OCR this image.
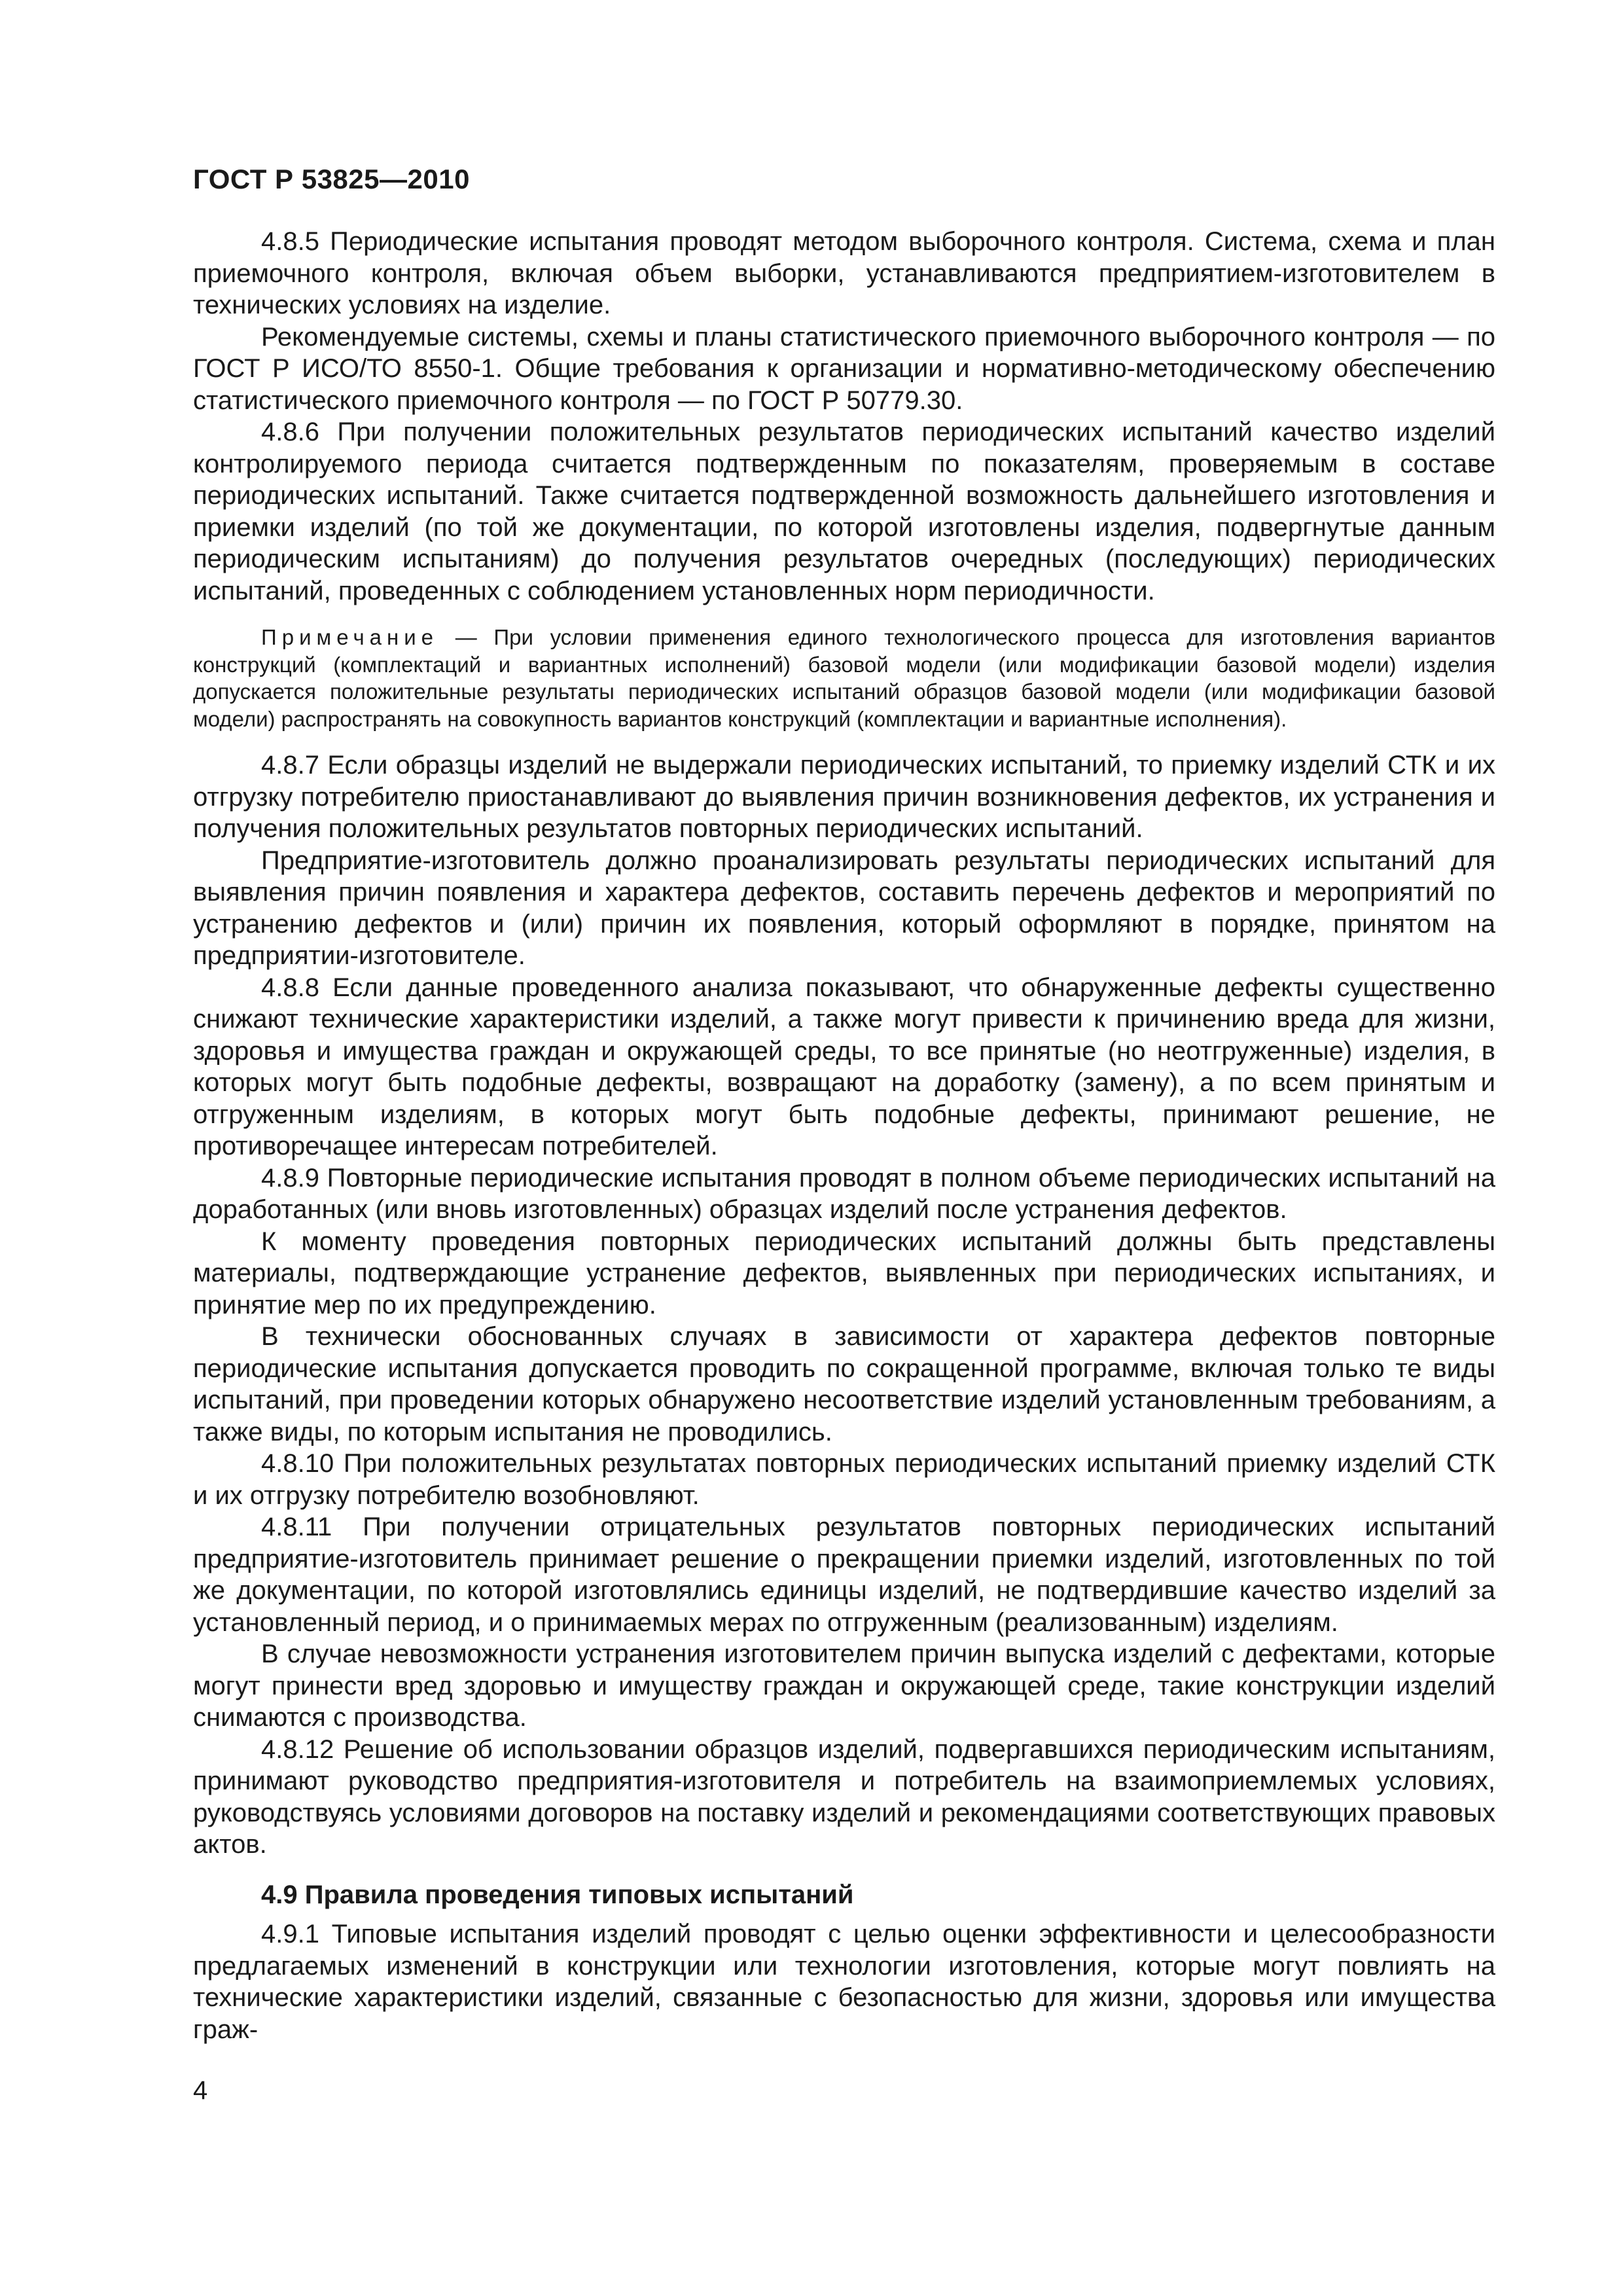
ГОСТ Р 53825—2010

4.8.5 Периодические испытания проводят методом выборочного контроля. Система, схема и план приемочного контроля, включая объем выборки, устанавливаются предприятием-изготовителем в технических условиях на изделие.

Рекомендуемые системы, схемы и планы статистического приемочного выборочного контроля — по ГОСТ Р ИСО/ТО 8550-1. Общие требования к организации и нормативно-методическому обеспечению статистического приемочного контроля — по ГОСТ Р 50779.30.

4.8.6 При получении положительных результатов периодических испытаний качество изделий контролируемого периода считается подтвержденным по показателям, проверяемым в составе периодических испытаний. Также считается подтвержденной возможность дальнейшего изготовления и приемки изделий (по той же документации, по которой изготовлены изделия, подвергнутые данным периодическим испытаниям) до получения результатов очередных (последующих) периодических испытаний, проведенных с соблюдением установленных норм периодичности.

Примечание — При условии применения единого технологического процесса для изготовления вариантов конструкций (комплектаций и вариантных исполнений) базовой модели (или модификации базовой модели) изделия допускается положительные результаты периодических испытаний образцов базовой модели (или модификации базовой модели) распространять на совокупность вариантов конструкций (комплектации и вариантные исполнения).

4.8.7 Если образцы изделий не выдержали периодических испытаний, то приемку изделий СТК и их отгрузку потребителю приостанавливают до выявления причин возникновения дефектов, их устранения и получения положительных результатов повторных периодических испытаний.

Предприятие-изготовитель должно проанализировать результаты периодических испытаний для выявления причин появления и характера дефектов, составить перечень дефектов и мероприятий по устранению дефектов и (или) причин их появления, который оформляют в порядке, принятом на предприятии-изготовителе.

4.8.8 Если данные проведенного анализа показывают, что обнаруженные дефекты существенно снижают технические характеристики изделий, а также могут привести к причинению вреда для жизни, здоровья и имущества граждан и окружающей среды, то все принятые (но неотгруженные) изделия, в которых могут быть подобные дефекты, возвращают на доработку (замену), а по всем принятым и отгруженным изделиям, в которых могут быть подобные дефекты, принимают решение, не противоречащее интересам потребителей.

4.8.9 Повторные периодические испытания проводят в полном объеме периодических испытаний на доработанных (или вновь изготовленных) образцах изделий после устранения дефектов.

К моменту проведения повторных периодических испытаний должны быть представлены материалы, подтверждающие устранение дефектов, выявленных при периодических испытаниях, и принятие мер по их предупреждению.

В технически обоснованных случаях в зависимости от характера дефектов повторные периодические испытания допускается проводить по сокращенной программе, включая только те виды испытаний, при проведении которых обнаружено несоответствие изделий установленным требованиям, а также виды, по которым испытания не проводились.

4.8.10 При положительных результатах повторных периодических испытаний приемку изделий СТК и их отгрузку потребителю возобновляют.

4.8.11 При получении отрицательных результатов повторных периодических испытаний предприятие-изготовитель принимает решение о прекращении приемки изделий, изготовленных по той же документации, по которой изготовлялись единицы изделий, не подтвердившие качество изделий за установленный период, и о принимаемых мерах по отгруженным (реализованным) изделиям.

В случае невозможности устранения изготовителем причин выпуска изделий с дефектами, которые могут принести вред здоровью и имуществу граждан и окружающей среде, такие конструкции изделий снимаются с производства.

4.8.12 Решение об использовании образцов изделий, подвергавшихся периодическим испытаниям, принимают руководство предприятия-изготовителя и потребитель на взаимоприемлемых условиях, руководствуясь условиями договоров на поставку изделий и рекомендациями соответствующих правовых актов.

4.9 Правила проведения типовых испытаний

4.9.1 Типовые испытания изделий проводят с целью оценки эффективности и целесообразности предлагаемых изменений в конструкции или технологии изготовления, которые могут повлиять на технические характеристики изделий, связанные с безопасностью для жизни, здоровья или имущества граж-

4
